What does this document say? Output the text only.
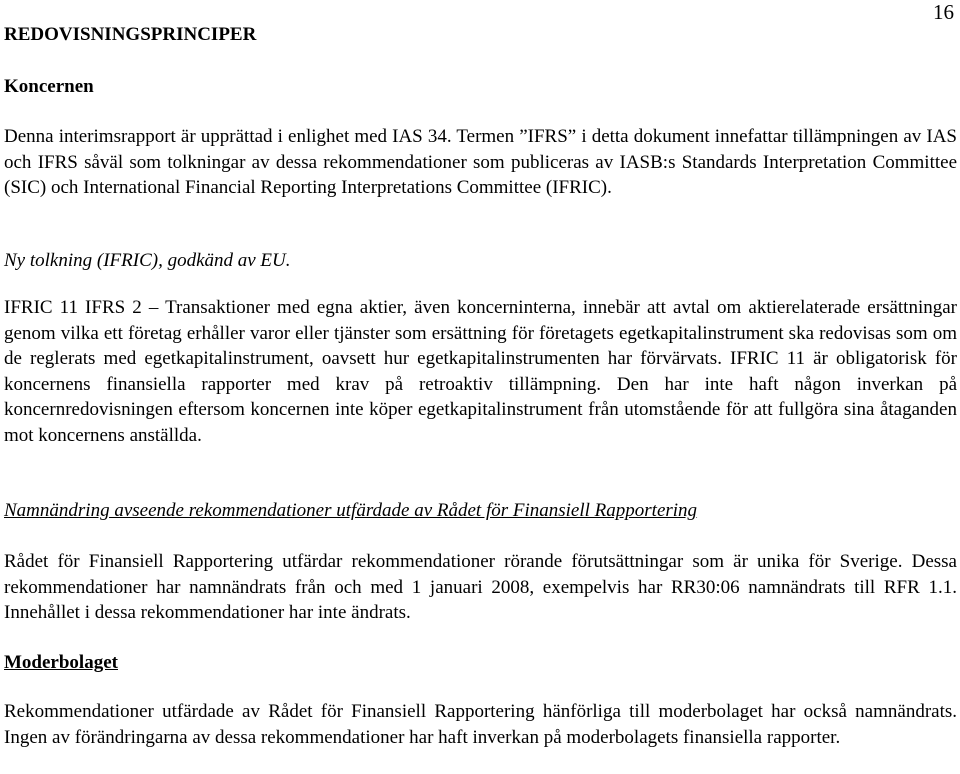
16
REDOVISNINGSPRINCIPER
Koncernen

Denna interimsrapport är upprättad i enlighet med IAS 34. Termen ”IFRS” i detta dokument innefattar tillämpningen av IAS och IFRS såväl som tolkningar av dessa rekommendationer som publiceras av IASB:s Standards Interpretation Committee (SIC) och International Financial Reporting Interpretations Committee (IFRIC).

Ny tolkning (IFRIC), godkänd av EU.

IFRIC 11 IFRS 2 – Transaktioner med egna aktier, även koncerninterna, innebär att avtal om aktierelaterade ersättningar genom vilka ett företag erhåller varor eller tjänster som ersättning för företagets egetkapitalinstrument ska redovisas som om de reglerats med egetkapitalinstrument, oavsett hur egetkapitalinstrumenten har förvärvats. IFRIC 11 är obligatorisk för koncernens finansiella rapporter med krav på retroaktiv tillämpning. Den har inte haft någon inverkan på koncernredovisningen eftersom koncernen inte köper egetkapitalinstrument från utomstående för att fullgöra sina åtaganden mot koncernens anställda.

Namnändring avseende rekommendationer utfärdade av Rådet för Finansiell Rapportering

Rådet för Finansiell Rapportering utfärdar rekommendationer rörande förutsättningar som är unika för Sverige. Dessa rekommendationer har namnändrats från och med 1 januari 2008, exempelvis har RR30:06 namnändrats till RFR 1.1. Innehållet i dessa rekommendationer har inte ändrats.

Moderbolaget

Rekommendationer utfärdade av Rådet för Finansiell Rapportering hänförliga till moderbolaget har också namnändrats. Ingen av förändringarna av dessa rekommendationer har haft inverkan på moderbolagets finansiella rapporter.
